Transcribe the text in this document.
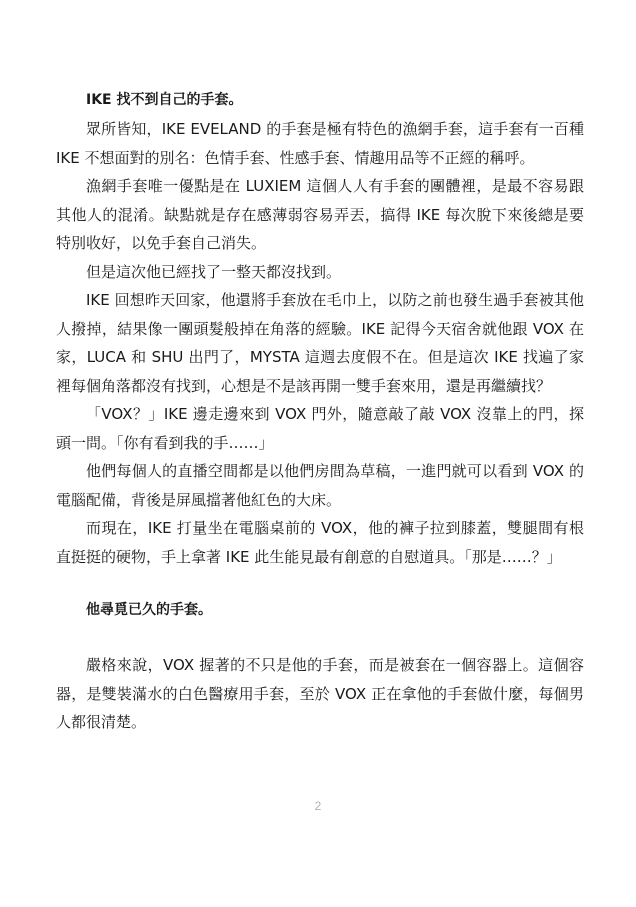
IKE 找不到自己的手套。

眾所皆知，IKE EVELAND 的手套是極有特色的漁網手套，這手套有一百種 IKE 不想面對的別名：色情手套、性感手套、情趣用品等不正經的稱呼。

漁網手套唯一優點是在 LUXIEM 這個人人有手套的團體裡，是最不容易跟其他人的混淆。缺點就是存在感薄弱容易弄丟，搞得 IKE 每次脫下來後總是要特別收好，以免手套自己消失。

但是這次他已經找了一整天都沒找到。

IKE 回想昨天回家，他還將手套放在毛巾上，以防之前也發生過手套被其他人撥掉，結果像一團頭髮般掉在角落的經驗。IKE 記得今天宿舍就他跟 VOX 在家，LUCA 和 SHU 出門了，MYSTA 這週去度假不在。但是這次 IKE 找遍了家裡每個角落都沒有找到，心想是不是該再開一雙手套來用，還是再繼續找？

「VOX？」IKE 邊走邊來到 VOX 門外，隨意敲了敲 VOX 沒靠上的門，探頭一問。「你有看到我的手……」

他們每個人的直播空間都是以他們房間為草稿，一進門就可以看到 VOX 的電腦配備，背後是屏風擋著他紅色的大床。

而現在，IKE 打量坐在電腦桌前的 VOX，他的褲子拉到膝蓋，雙腿間有根直挺挺的硬物，手上拿著 IKE 此生能見最有創意的自慰道具。「那是……？」

他尋覓已久的手套。

嚴格來說，VOX 握著的不只是他的手套，而是被套在一個容器上。這個容器，是雙裝滿水的白色醫療用手套，至於 VOX 正在拿他的手套做什麼，每個男人都很清楚。

2
